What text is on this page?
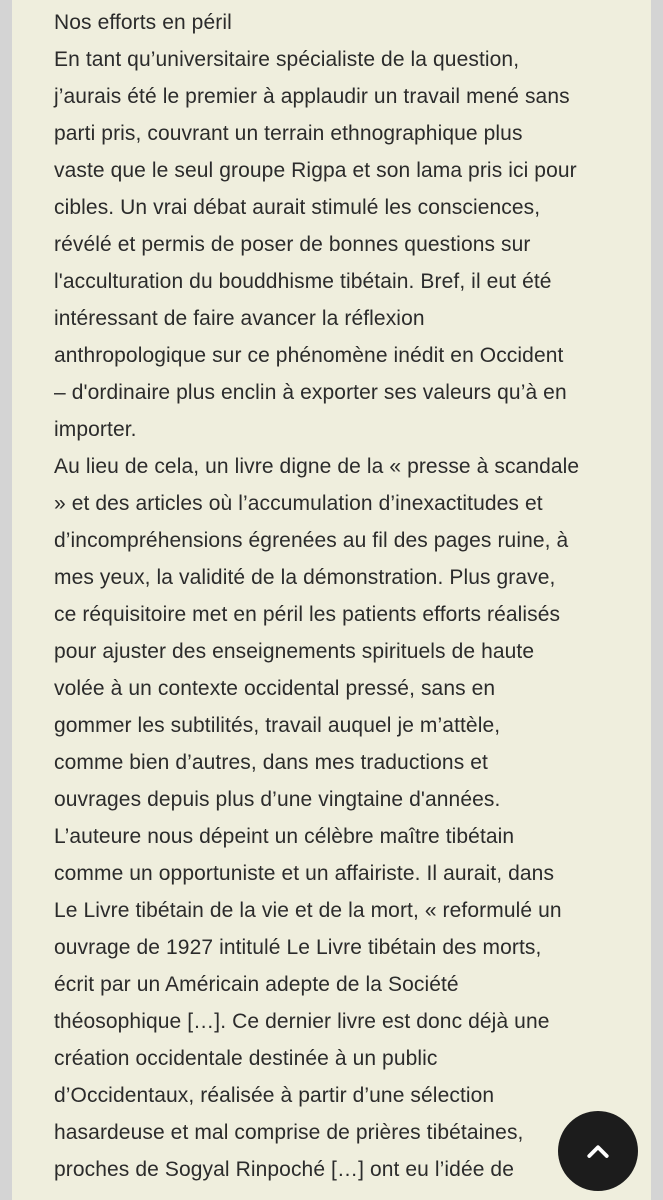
Nos efforts en péril
En tant qu’universitaire spécialiste de la question,
j’aurais été le premier à applaudir un travail mené sans
parti pris, couvrant un terrain ethnographique plus
vaste que le seul groupe Rigpa et son lama pris ici pour
cibles. Un vrai débat aurait stimulé les consciences,
révélé et permis de poser de bonnes questions sur
l'acculturation du bouddhisme tibétain. Bref, il eut été
intéressant de faire avancer la réflexion
anthropologique sur ce phénomène inédit en Occident
– d'ordinaire plus enclin à exporter ses valeurs qu’à en
importer.
Au lieu de cela, un livre digne de la « presse à scandale
» et des articles où l’accumulation d’inexactitudes et
d’incompréhensions égrenées au fil des pages ruine, à
mes yeux, la validité de la démonstration. Plus grave,
ce réquisitoire met en péril les patients efforts réalisés
pour ajuster des enseignements spirituels de haute
volée à un contexte occidental pressé, sans en
gommer les subtilités, travail auquel je m’attèle,
comme bien d’autres, dans mes traductions et
ouvrages depuis plus d’une vingtaine d'années.
L’auteure nous dépeint un célèbre maître tibétain
comme un opportuniste et un affairiste. Il aurait, dans
Le Livre tibétain de la vie et de la mort, « reformulé un
ouvrage de 1927 intitulé Le Livre tibétain des morts,
écrit par un Américain adepte de la Société
théosophique […]. Ce dernier livre est donc déjà une
création occidentale destinée à un public
d’Occidentaux, réalisée à partir d’une sélection
hasardeuse et mal comprise de prières tibétaines,
proches de Sogyal Rinpoché […] ont eu l’idée de
